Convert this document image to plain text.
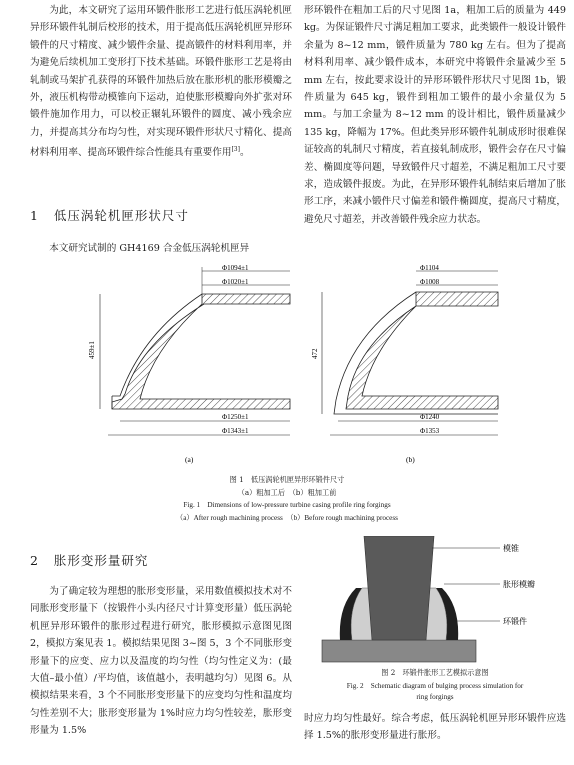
为此，本文研究了运用环锻件胀形工艺进行低压涡轮机匣异形环锻件轧制后校形的技术，用于提高低压涡轮机匣异形环锻件的尺寸精度、减少锻件余量、提高锻件的材料利用率，并为避免后续机加工变形打下技术基础。环锻件胀形工艺是将由轧制或马架扩孔获得的环锻件加热后放在胀形机的胀形模瓣之外，液压机构带动模锥向下运动，迫使胀形模瓣向外扩张对环锻件施加作用力，可以校正辗轧环锻件的圆度、减小残余应力，并提高其分布均匀性，对实现环锻件形状尺寸精化、提高材料利用率、提高环锻件综合性能具有重要作用[3]。

形环锻件在粗加工后的尺寸见图 1a，粗加工后的质量为 449 kg。为保证锻件尺寸满足粗加工要求，此类锻件一般设计锻件余量为 8~12 mm，锻件质量为 780 kg 左右。但为了提高材料利用率、减少锻件成本，本研究中将锻件余量减少至 5 mm 左右，按此要求设计的异形环锻件形状尺寸见图 1b，锻件质量为 645 kg，锻件到粗加工锻件的最小余量仅为 5 mm。与加工余量为 8~12 mm 的设计相比，锻件质量减少 135 kg，降幅为 17%。但此类异形环锻件轧制成形时很难保证较高的轧制尺寸精度，若直接轧制成形，锻件会存在尺寸偏差、椭圆度等问题，导致锻件尺寸超差，不满足粗加工尺寸要求，造成锻件报废。为此，在异形环锻件轧制结束后增加了胀形工序，来减小锻件尺寸偏差和锻件椭圆度，提高尺寸精度，避免尺寸超差，并改善锻件残余应力状态。

1 低压涡轮机匣形状尺寸
本文研究试制的 GH4169 合金低压涡轮机匣异
Φ1094±1
Φ1020±1
459±1
Φ1250±1
Φ1343±1
(a)
Φ1104
Φ1008
472
Φ1240
Φ1353
(b)
图 1　低压涡轮机匣异形环锻件尺寸
（a）粗加工后　（b）粗加工前
Fig. 1　Dimensions of low-pressure turbine casing profile ring forgings
（a）After rough machining process　（b）Before rough machining process
2 胀形变形量研究

为了确定较为理想的胀形变形量，采用数值模拟技术对不同胀形变形量下（按锻件小头内径尺寸计算变形量）低压涡轮机匣异形环锻件的胀形过程进行研究，胀形模拟示意图见图 2，模拟方案见表 1。模拟结果见图 3~图 5，3 个不同胀形变形量下的应变、应力以及温度的均匀性（均匀性定义为：(最大值–最小值）/平均值，该值越小，表明越均匀）见图 6。从模拟结果来看，3 个不同胀形变形量下的应变均匀性和温度均匀性差别不大；胀形变形量为 1%时应力均匀性较差，胀形变形量为 1.5%

模锥
胀形模瓣
环锻件
图 2　环锻件胀形工艺模拟示意图
Fig. 2　Schematic diagram of bulging process simulation for
ring forgings

时应力均匀性最好。综合考虑，低压涡轮机匣异形环锻件应选择 1.5%的胀形变形量进行胀形。
